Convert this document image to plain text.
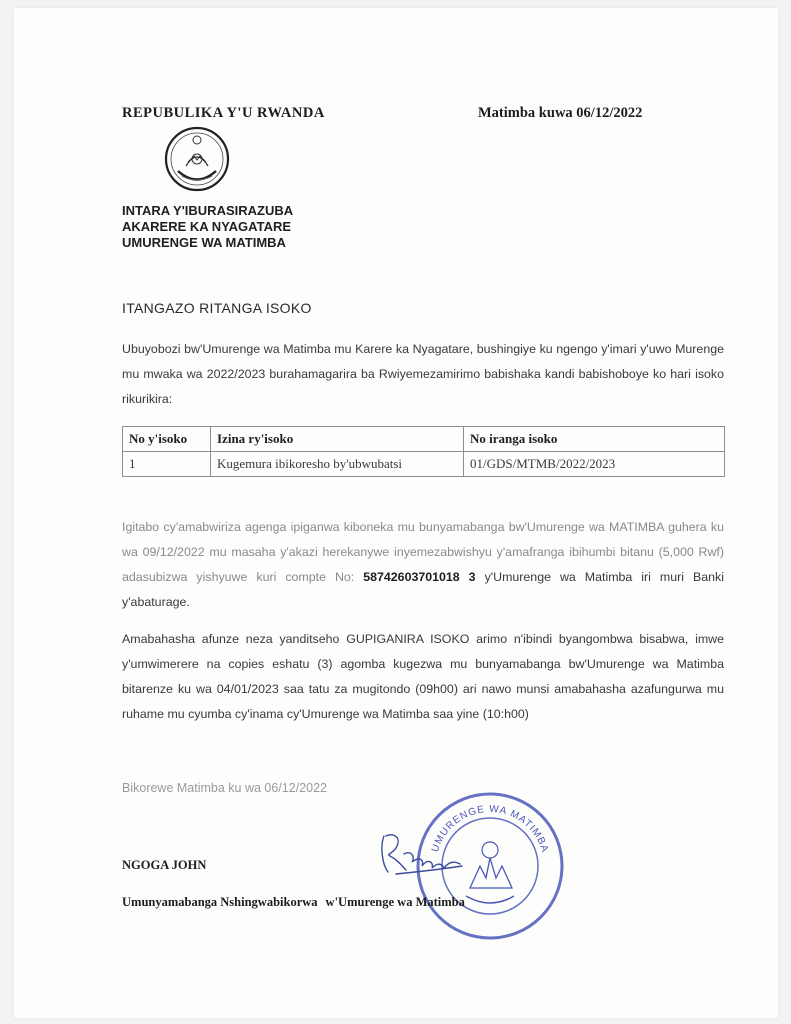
REPUBULIKA Y'U RWANDA	Matimba kuwa 06/12/2022

INTARA Y'IBURASIRAZUBA
AKARERE KA NYAGATARE
UMURENGE WA MATIMBA

ITANGAZO RITANGA ISOKO

Ubuyobozi bw'Umurenge wa Matimba mu Karere ka Nyagatare, bushingiye ku ngengo y'imari y'uwo Murenge mu mwaka wa 2022/2023 burahamagarira ba Rwiyemezamirimo babishaka kandi babishoboye ko hari isoko rikurikira:

No y'isoko	Izina ry'isoko	No iranga isoko
1	Kugemura ibikoresho by'ubwubatsi	01/GDS/MTMB/2022/2023

Igitabo cy'amabwiriza agenga ipiganwa kiboneka mu bunyamabanga bw'Umurenge wa MATIMBA guhera ku wa 09/12/2022 mu masaha y'akazi herekanywe inyemezabwishyu y'amafranga ibihumbi bitanu (5,000 Rwf) adasubizwa yishyuwe kuri compte No: 58742603701018 3 y'Umurenge wa Matimba iri muri Banki y'abaturage.

Amabahasha afunze neza yanditseho GUPIGANIRA ISOKO arimo n'ibindi byangombwa bisabwa, imwe y'umwimerere na copies eshatu (3) agomba kugezwa mu bunyamabanga bw'Umurenge wa Matimba bitarenze ku wa 04/01/2023 saa tatu za mugitondo (09h00) ari nawo munsi amabahasha azafungurwa mu ruhame mu cyumba cy'inama cy'Umurenge wa Matimba saa yine (10:h00)

Bikorewe Matimba ku wa 06/12/2022

UMURENGE WA MATIMBA

NGOGA JOHN

Umunyamabanga Nshingwabikorwa w'Umurenge wa Matimba
